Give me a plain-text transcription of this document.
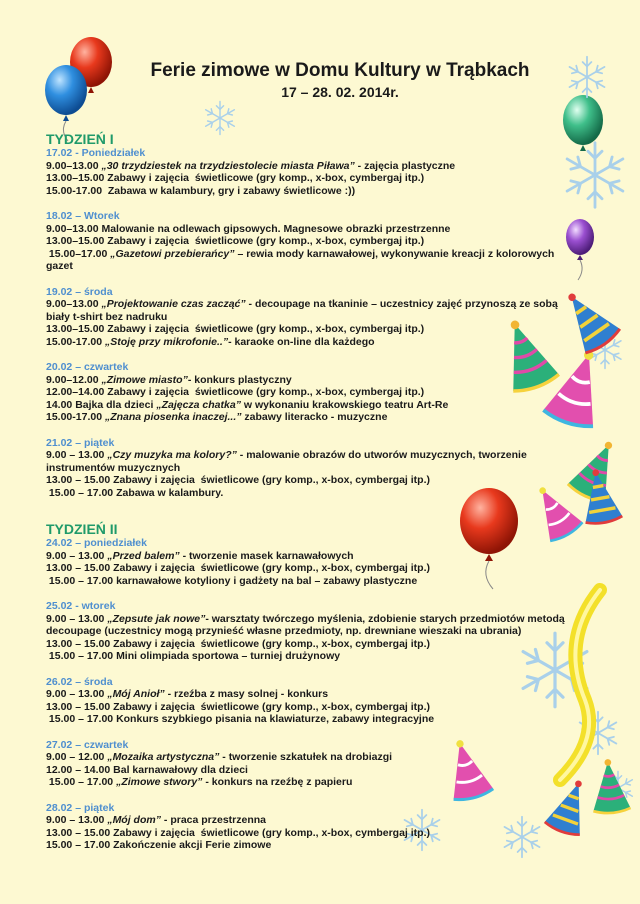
Ferie zimowe w Domu Kultury w Trąbkach
17 – 28. 02. 2014r.
TYDZIEŃ I
17.02 - Poniedziałek
9.00–13.00 „30 trzydziestek na trzydziestolecie miasta Piława” - zajęcia plastyczne
13.00–15.00 Zabawy i zajęcia  świetlicowe (gry komp., x-box, cymbergaj itp.)
15.00-17.00  Zabawa w kalambury, gry i zabawy świetlicowe :))
18.02 – Wtorek
9.00–13.00 Malowanie na odlewach gipsowych. Magnesowe obrazki przestrzenne
13.00–15.00 Zabawy i zajęcia  świetlicowe (gry komp., x-box, cymbergaj itp.)
15.00–17.00 „Gazetowi przebierańcy” – rewia mody karnawałowej, wykonywanie kreacji z kolorowych
gazet
19.02 – środa
9.00–13.00 „Projektowanie czas zacząć” - decoupage na tkaninie – uczestnicy zajęć przynoszą ze sobą
biały t-shirt bez nadruku
13.00–15.00 Zabawy i zajęcia  świetlicowe (gry komp., x-box, cymbergaj itp.)
15.00-17.00 „Stoję przy mikrofonie..”- karaoke on-line dla każdego
20.02 – czwartek
9.00–12.00 „Zimowe miasto”- konkurs plastyczny
12.00–14.00 Zabawy i zajęcia  świetlicowe (gry komp., x-box, cymbergaj itp.)
14.00 Bajka dla dzieci „Zajęcza chatka” w wykonaniu krakowskiego teatru Art-Re
15.00-17.00 „Znana piosenka inaczej...” zabawy literacko - muzyczne
21.02 – piątek
9.00 – 13.00 „Czy muzyka ma kolory?” - malowanie obrazów do utworów muzycznych, tworzenie
instrumentów muzycznych
13.00 – 15.00 Zabawy i zajęcia  świetlicowe (gry komp., x-box, cymbergaj itp.)
15.00 – 17.00 Zabawa w kalambury.
TYDZIEŃ II
24.02 – poniedziałek
9.00 – 13.00 „Przed balem” - tworzenie masek karnawałowych
13.00 – 15.00 Zabawy i zajęcia  świetlicowe (gry komp., x-box, cymbergaj itp.)
15.00 – 17.00 karnawałowe kotyliony i gadżety na bal – zabawy plastyczne
25.02 - wtorek
9.00 – 13.00 „Zepsute jak nowe”- warsztaty twórczego myślenia, zdobienie starych przedmiotów metodą
decoupage (uczestnicy mogą przynieść własne przedmioty, np. drewniane wieszaki na ubrania)
13.00 – 15.00 Zabawy i zajęcia  świetlicowe (gry komp., x-box, cymbergaj itp.)
15.00 – 17.00 Mini olimpiada sportowa – turniej drużynowy
26.02 – środa
9.00 – 13.00 „Mój Anioł” - rzeźba z masy solnej - konkurs
13.00 – 15.00 Zabawy i zajęcia  świetlicowe (gry komp., x-box, cymbergaj itp.)
15.00 – 17.00 Konkurs szybkiego pisania na klawiaturze, zabawy integracyjne
27.02 – czwartek
9.00 – 12.00 „Mozaika artystyczna” - tworzenie szkatułek na drobiazgi
12.00 – 14.00 Bal karnawałowy dla dzieci
15.00 – 17.00 „Zimowe stwory” - konkurs na rzeźbę z papieru
28.02 – piątek
9.00 – 13.00 „Mój dom” - praca przestrzenna
13.00 – 15.00 Zabawy i zajęcia  świetlicowe (gry komp., x-box, cymbergaj itp.)
15.00 – 17.00 Zakończenie akcji Ferie zimowe
